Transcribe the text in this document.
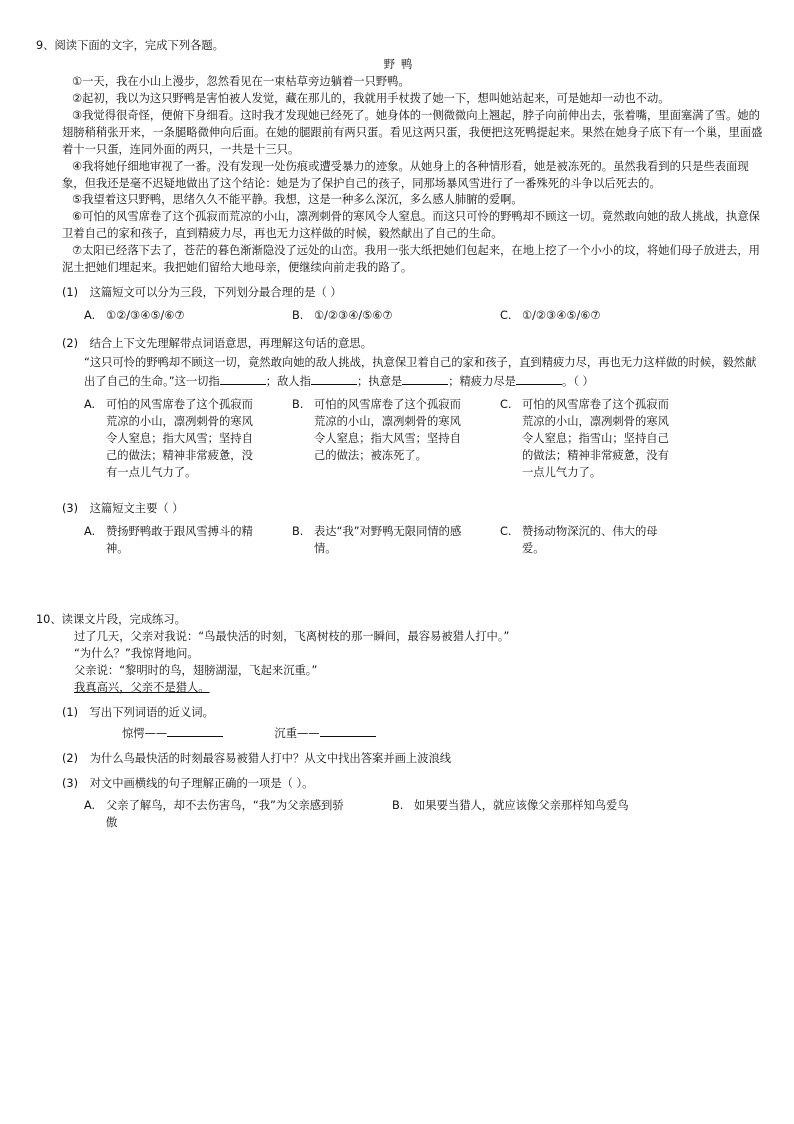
9、阅读下面的文字，完成下列各题。

野鸭

①一天，我在小山上漫步，忽然看见在一束枯草旁边躺着一只野鸭。

②起初，我以为这只野鸭是害怕被人发觉，藏在那儿的，我就用手杖拨了她一下，想叫她站起来，可是她却一动也不动。

③我觉得很奇怪，便俯下身细看。这时我才发现她已经死了。她身体的一侧微微向上翘起，脖子向前伸出去，张着嘴，里面塞满了雪。她的翅膀稍稍张开来，一条腿略微伸向后面。在她的腿跟前有两只蛋。看见这两只蛋，我便把这死鸭提起来。果然在她身子底下有一个巢，里面盛着十一只蛋，连同外面的两只，一共是十三只。

④我将她仔细地审视了一番。没有发现一处伤痕或遭受暴力的迹象。从她身上的各种情形看，她是被冻死的。虽然我看到的只是些表面现象，但我还是毫不迟疑地做出了这个结论：她是为了保护自己的孩子，同那场暴风雪进行了一番殊死的斗争以后死去的。

⑤我望着这只野鸭，思绪久久不能平静。我想，这是一种多么深沉，多么感人肺腑的爱啊。

⑥可怕的风雪席卷了这个孤寂而荒凉的小山，凛冽刺骨的寒风令人窒息。而这只可怜的野鸭却不顾这一切。竟然敢向她的敌人挑战，执意保卫着自己的家和孩子，直到精疲力尽，再也无力这样做的时候，毅然献出了自己的生命。

⑦太阳已经落下去了，苍茫的暮色渐渐隐没了远处的山峦。我用一张大纸把她们包起来，在地上挖了一个小小的坟，将她们母子放进去，用泥土把她们埋起来。我把她们留给大地母亲，便继续向前走我的路了。

(1) 这篇短文可以分为三段，下列划分最合理的是（ ）
A. ①②/③④⑤/⑥⑦	B. ①/②③④/⑤⑥⑦	C. ①/②③④⑤/⑥⑦
(2) 结合上下文先理解带点词语意思，再理解这句话的意思。
“这只可怜的野鸭却不顾这一切，竟然敢向她的敌人挑战，执意保卫着自己的家和孩子，直到精疲力尽，再也无力这样做的时候，毅然献出了自己的生命。”这一切指	；敌人指	；执意是	；精疲力尽是	。（ ）
A. 可怕的风雪席卷了这个孤寂而
荒凉的小山，凛冽刺骨的寒风
令人窒息；指大风雪；坚持自
己的做法；精神非常疲惫，没
有一点儿气力了。
B. 可怕的风雪席卷了这个孤寂而
荒凉的小山，凛冽刺骨的寒风
令人窒息；指大风雪；坚持自
己的做法；被冻死了。
C. 可怕的风雪席卷了这个孤寂而
荒凉的小山，凛冽刺骨的寒风
令人窒息；指雪山；坚持自己
的做法；精神非常疲惫，没有
一点儿气力了。
(3) 这篇短文主要（ ）
A. 赞扬野鸭敢于跟风雪搏斗的精
神。
B. 表达“我”对野鸭无限同情的感
情。
C. 赞扬动物深沉的、伟大的母
爱。

10、读课文片段，完成练习。

过了几天，父亲对我说：“鸟最快活的时刻，飞离树枝的那一瞬间，最容易被猎人打中。”
“为什么？”我惊肾地问。
父亲说：“黎明时的鸟，翅膀湖湿，飞起来沉重。”
我真高兴，父亲不是猎人。
(1) 写出下列词语的近义词。
惊愕——	沉重——
(2) 为什么鸟最快活的时刻最容易被猎人打中？从文中找出答案并画上波浪线
(3) 对文中画横线的句子理解正确的一项是（ ）。
A. 父亲了解鸟，却不去伤害鸟，“我”为父亲感到骄
傲
B. 如果要当猎人，就应该像父亲那样知鸟爱鸟
